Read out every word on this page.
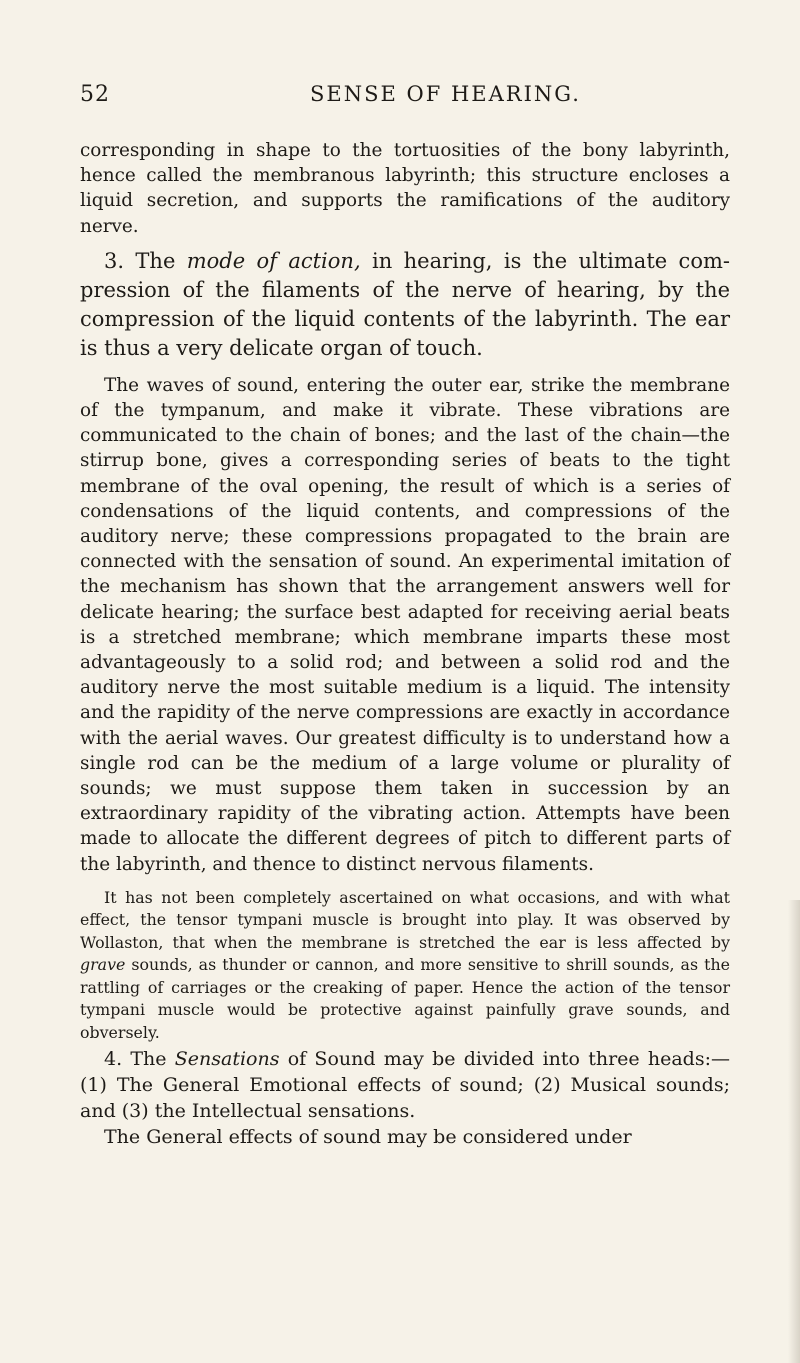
52	SENSE OF HEARING.

corresponding in shape to the tortuosities of the bony labyrinth, hence called the membranous labyrinth; this structure encloses a liquid secretion, and supports the ramifications of the auditory nerve.

3. The mode of action, in hearing, is the ultimate compression of the filaments of the nerve of hearing, by the compression of the liquid contents of the labyrinth. The ear is thus a very delicate organ of touch.

The waves of sound, entering the outer ear, strike the membrane of the tympanum, and make it vibrate. These vibrations are communicated to the chain of bones; and the last of the chain—the stirrup bone, gives a corresponding series of beats to the tight membrane of the oval opening, the result of which is a series of condensations of the liquid contents, and compressions of the auditory nerve; these compressions propagated to the brain are connected with the sensation of sound. An experimental imitation of the mechanism has shown that the arrangement answers well for delicate hearing; the surface best adapted for receiving aerial beats is a stretched membrane; which membrane imparts these most advantageously to a solid rod; and between a solid rod and the auditory nerve the most suitable medium is a liquid. The intensity and the rapidity of the nerve compressions are exactly in accordance with the aerial waves. Our greatest difficulty is to understand how a single rod can be the medium of a large volume or plurality of sounds; we must suppose them taken in succession by an extraordinary rapidity of the vibrating action. Attempts have been made to allocate the different degrees of pitch to different parts of the labyrinth, and thence to distinct nervous filaments.

It has not been completely ascertained on what occasions, and with what effect, the tensor tympani muscle is brought into play. It was observed by Wollaston, that when the membrane is stretched the ear is less affected by grave sounds, as thunder or cannon, and more sensitive to shrill sounds, as the rattling of carriages or the creaking of paper. Hence the action of the tensor tympani muscle would be protective against painfully grave sounds, and obversely.

4. The Sensations of Sound may be divided into three heads:—(1) The General Emotional effects of sound; (2) Musical sounds; and (3) the Intellectual sensations.

The General effects of sound may be considered under
